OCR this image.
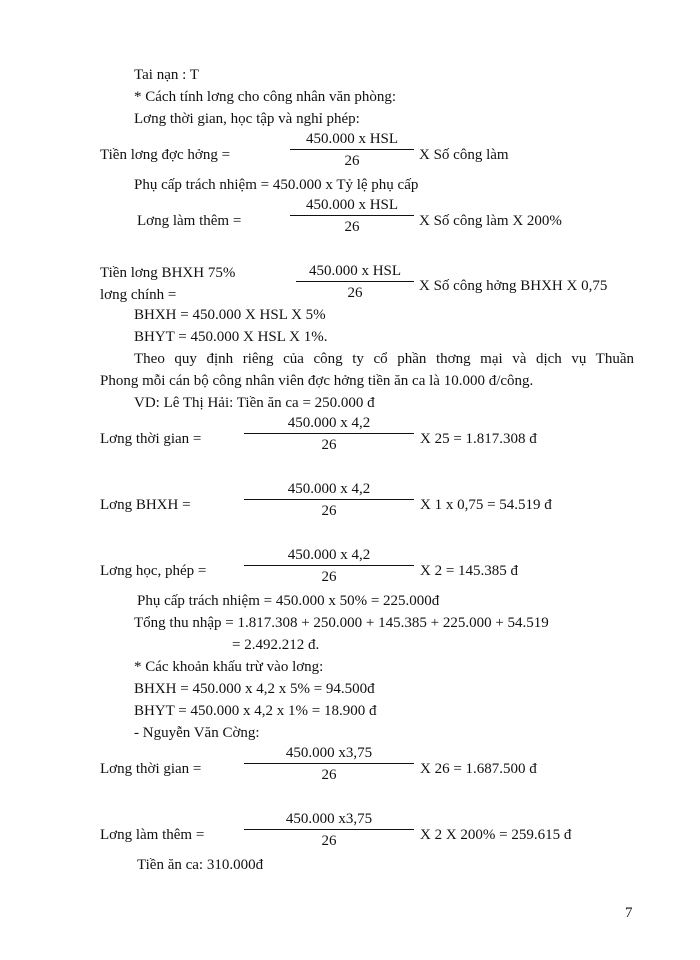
Tai nạn : T
* Cách tính lơng cho công nhân văn phòng:
Lơng thời gian, học tập và nghỉ phép:
Tiền lơng đợc hởng =
450.000 x HSL
26	X Số công làm
Phụ cấp trách nhiệm = 450.000 x Tỷ lệ phụ cấp
Lơng làm thêm =
450.000 x HSL
26	X Số công làm X 200%
Tiền lơng BHXH 75%
lơng chính =
450.000 x HSL
26	X Số công hởng BHXH X 0,75
BHXH = 450.000 X HSL X 5%
BHYT = 450.000 X HSL X 1%.
Theo quy định riêng của công ty cổ phần thơng mại và dịch vụ Thuần
Phong mỗi cán bộ công nhân viên đợc hởng tiền ăn ca là 10.000 đ/công.
VD: Lê Thị Hải: Tiền ăn ca = 250.000 đ
Lơng thời gian =
450.000 x 4,2
26	X 25 = 1.817.308 đ
Lơng BHXH =
450.000 x 4,2
26	X 1 x 0,75 = 54.519 đ
Lơng học, phép =
450.000 x 4,2
26	X 2 = 145.385 đ
Phụ cấp trách nhiệm = 450.000 x 50% = 225.000đ
Tổng thu nhập = 1.817.308 + 250.000 + 145.385 + 225.000 + 54.519
= 2.492.212 đ.
* Các khoản khấu trừ vào lơng:
BHXH = 450.000 x 4,2 x 5% = 94.500đ
BHYT = 450.000 x 4,2 x 1% = 18.900 đ
- Nguyễn Văn Cờng:
Lơng thời gian =
450.000 x3,75
26	X 26 = 1.687.500 đ
Lơng làm thêm =
450.000 x3,75
26	X 2 X 200% = 259.615 đ
Tiền ăn ca: 310.000đ
7
